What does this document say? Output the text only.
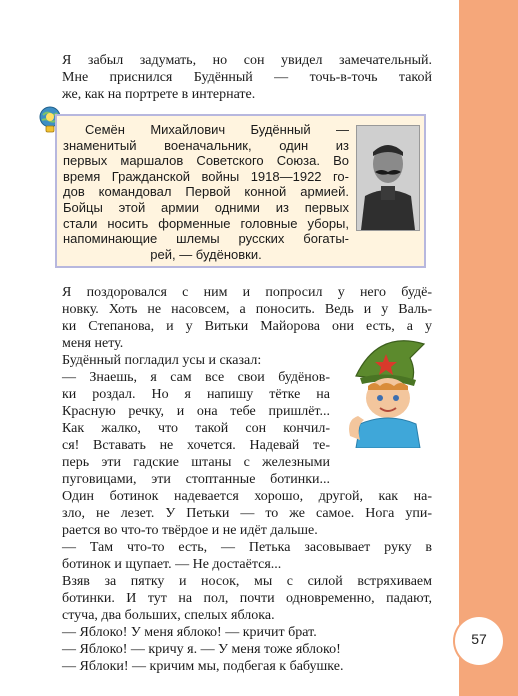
57
Я забыл задумать, но сон увидел замечательный.
Мне приснился Будённый — точь-в-точь такой
же, как на портрете в интернате.
Семён Михайлович Будённый —
знаменитый военачальник, один из
первых маршалов Советского Союза. Во
время Гражданской войны 1918—1922 го-
дов командовал Первой конной армией.
Бойцы этой армии одними из первых
стали носить форменные головные уборы,
напоминающие шлемы русских богаты-
рей, — будёновки.
Я поздоровался с ним и попросил у него будё-
новку. Хоть не насовсем, а поносить. Ведь и у Валь-
ки Степанова, и у Витьки Майорова они есть, а у
меня нету.
Будённый погладил усы и сказал:
— Знаешь, я сам все свои будёнов-
ки роздал. Но я напишу тётке на
Красную речку, и она тебе пришлёт...
Как жалко, что такой сон кончил-
ся! Вставать не хочется. Надевай те-
перь эти гадские штаны с железными
пуговицами, эти стоптанные ботинки...
Один ботинок надевается хорошо, другой, как на-
зло, не лезет. У Петьки — то же самое. Нога упи-
рается во что-то твёрдое и не идёт дальше.
— Там что-то есть, — Петька засовывает руку в
ботинок и щупает. — Не достаётся...
Взяв за пятку и носок, мы с силой встряхиваем
ботинки. И тут на пол, почти одновременно, падают,
стуча, два больших, спелых яблока.
— Яблоко! У меня яблоко! — кричит брат.
— Яблоко! — кричу я. — У меня тоже яблоко!
— Яблоки! — кричим мы, подбегая к бабушке.
